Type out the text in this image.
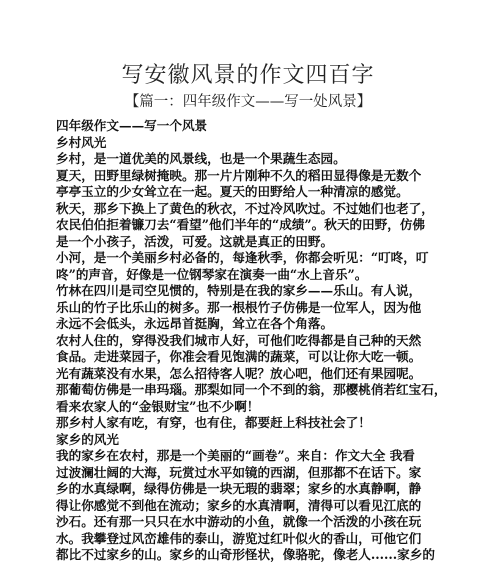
写安徽风景的作文四百字
【篇一：四年级作文——写一处风景】
四年级作文——写一个风景
乡村风光
乡村，是一道优美的风景线，也是一个果蔬生态园。
夏天，田野里绿树掩映。那一片片刚种不久的稻田显得像是无数个
亭亭玉立的少女耸立在一起。夏天的田野给人一种清凉的感觉。
秋天，那乡下换上了黄色的秋衣，不过冷风吹过。不过她们也老了，
农民伯伯拒着镰刀去“看望”他们半年的“成绩”。秋天的田野，仿佛
是一个小孩子，活泼，可爱。这就是真正的田野。
小河，是一个美丽乡村必备的，每逢秋季，你都会听见：“叮咚，叮
咚”的声音，好像是一位钢琴家在演奏一曲“水上音乐”。
竹林在四川是司空见惯的，特别是在我的家乡——乐山。有人说，
乐山的竹子比乐山的树多。那一根根竹子仿佛是一位军人，因为他
永远不会低头，永远昂首挺胸，耸立在各个角落。
农村人住的，穿得没我们城市人好，可他们吃得都是自己种的天然
食品。走进菜园子，你准会看见饱满的蔬菜，可以让你大吃一顿。
光有蔬菜没有水果，怎么招待客人呢？放心吧，他们还有果园呢。
那葡萄仿佛是一串玛瑙。那梨如同一个不到的翁，那樱桃俏若红宝石，
看来农家人的“金银财宝”也不少啊！
那乡村人家有吃，有穿，也有住，都要赶上科技社会了！
家乡的风光
我的家乡在农村，那是一个美丽的“画卷”。来自：作文大全 我看
过波澜壮阔的大海，玩赏过水平如镜的西湖，但那都不在话下。家
乡的水真绿啊，绿得仿佛是一块无瑕的翡翠；家乡的水真静啊，静
得让你感觉不到他在流动；家乡的水真清啊，清得可以看见江底的
沙石。还有那一只只在水中游动的小鱼，就像一个活泼的小孩在玩
水。我攀登过风峦雄伟的泰山，游览过红叶似火的香山，可他它们
都比不过家乡的山。家乡的山奇形怪状，像骆驼，像老人......家乡的
